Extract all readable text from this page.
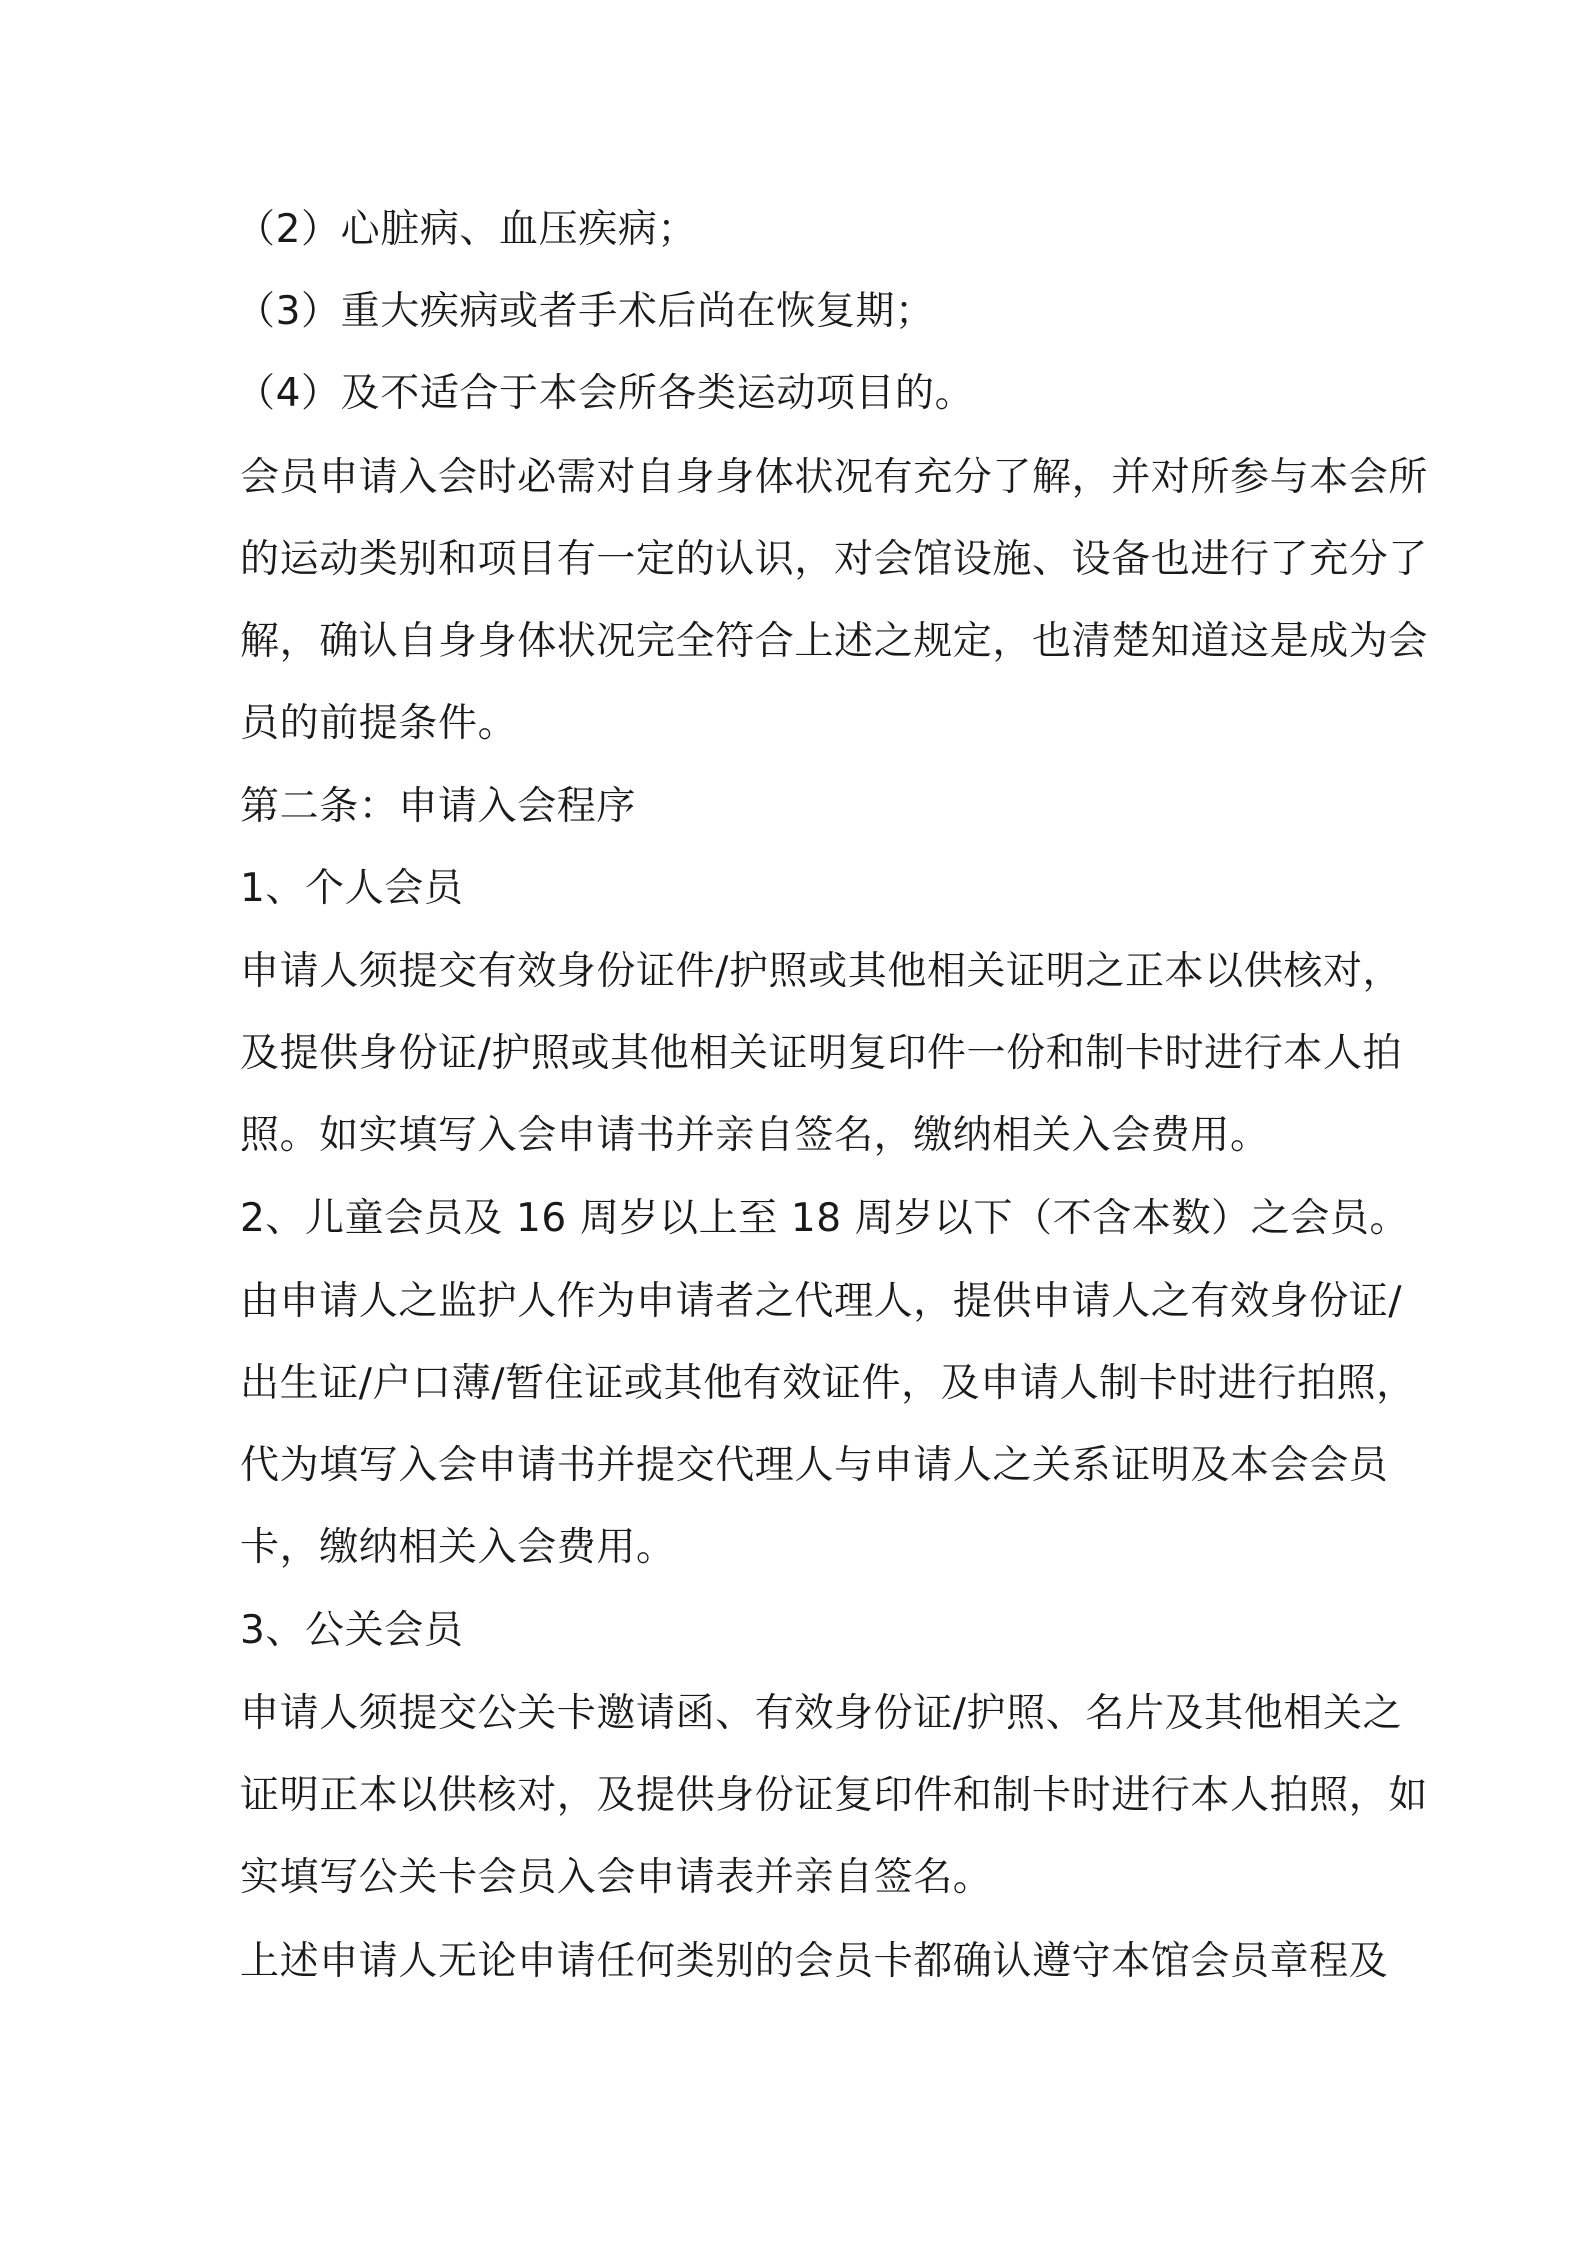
（2）心脏病、血压疾病；
（3）重大疾病或者手术后尚在恢复期；
（4）及不适合于本会所各类运动项目的。
会员申请入会时必需对自身身体状况有充分了解，并对所参与本会所
的运动类别和项目有一定的认识，对会馆设施、设备也进行了充分了
解，确认自身身体状况完全符合上述之规定，也清楚知道这是成为会
员的前提条件。
第二条：申请入会程序
1、个人会员
申请人须提交有效身份证件/护照或其他相关证明之正本以供核对，
及提供身份证/护照或其他相关证明复印件一份和制卡时进行本人拍
照。如实填写入会申请书并亲自签名，缴纳相关入会费用。
2、儿童会员及 16 周岁以上至 18 周岁以下（不含本数）之会员。
由申请人之监护人作为申请者之代理人，提供申请人之有效身份证/
出生证/户口薄/暂住证或其他有效证件，及申请人制卡时进行拍照，
代为填写入会申请书并提交代理人与申请人之关系证明及本会会员
卡，缴纳相关入会费用。
3、公关会员
申请人须提交公关卡邀请函、有效身份证/护照、名片及其他相关之
证明正本以供核对，及提供身份证复印件和制卡时进行本人拍照，如
实填写公关卡会员入会申请表并亲自签名。
上述申请人无论申请任何类别的会员卡都确认遵守本馆会员章程及
